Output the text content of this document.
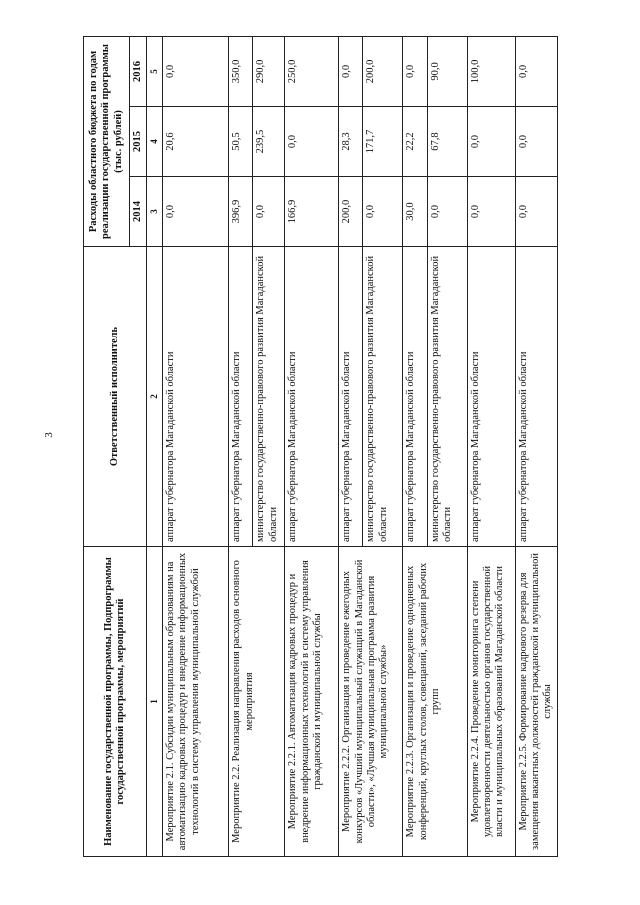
3
Наименование государственной программы, Подпрограммы государственной программы, мероприятий	Ответственный исполнитель	Расходы областного бюджета по годам реализации государственной программы (тыс. рублей)		
		2014	2015	2016
1	2	3	4	5
Мероприятие 2.1. Субсидии муниципальным образованиям на автоматизацию кадровых процедур и внедрение информационных технологий в систему управления муниципальной службой	аппарат губернатора Магаданской области	0,0	20,6	0,0
Мероприятие 2.2. Реализация направления расходов основного мероприятия	аппарат губернатора Магаданской области	396,9	50,5	350,0
	министерство государственно-правового развития Магаданской области	0,0	239,5	290,0
Мероприятие 2.2.1. Автоматизация кадровых процедур и внедрение информационных технологий в систему управления гражданской и муниципальной службы	аппарат губернатора Магаданской области	166,9	0,0	250,0
Мероприятие 2.2.2. Организация и проведение ежегодных конкурсов «Лучший муниципальный служащий в Магаданской области», «Лучшая муниципальная программа развития муниципальной службы»	аппарат губернатора Магаданской области	200,0	28,3	0,0
	министерство государственно-правового развития Магаданской области	0,0	171,7	200,0
Мероприятие 2.2.3. Организация и проведение однодневных конференций, круглых столов, совещаний, заседаний рабочих групп	аппарат губернатора Магаданской области	30,0	22,2	0,0
	министерство государственно-правового развития Магаданской области	0,0	67,8	90,0
Мероприятие 2.2.4. Проведение мониторинга степени удовлетворенности деятельностью органов государственной власти и муниципальных образований Магаданской области	аппарат губернатора Магаданской области	0,0	0,0	100,0
Мероприятие 2.2.5. Формирование кадрового резерва для замещения вакантных должностей гражданской и муниципальной службы	аппарат губернатора Магаданской области	0,0	0,0	0,0
